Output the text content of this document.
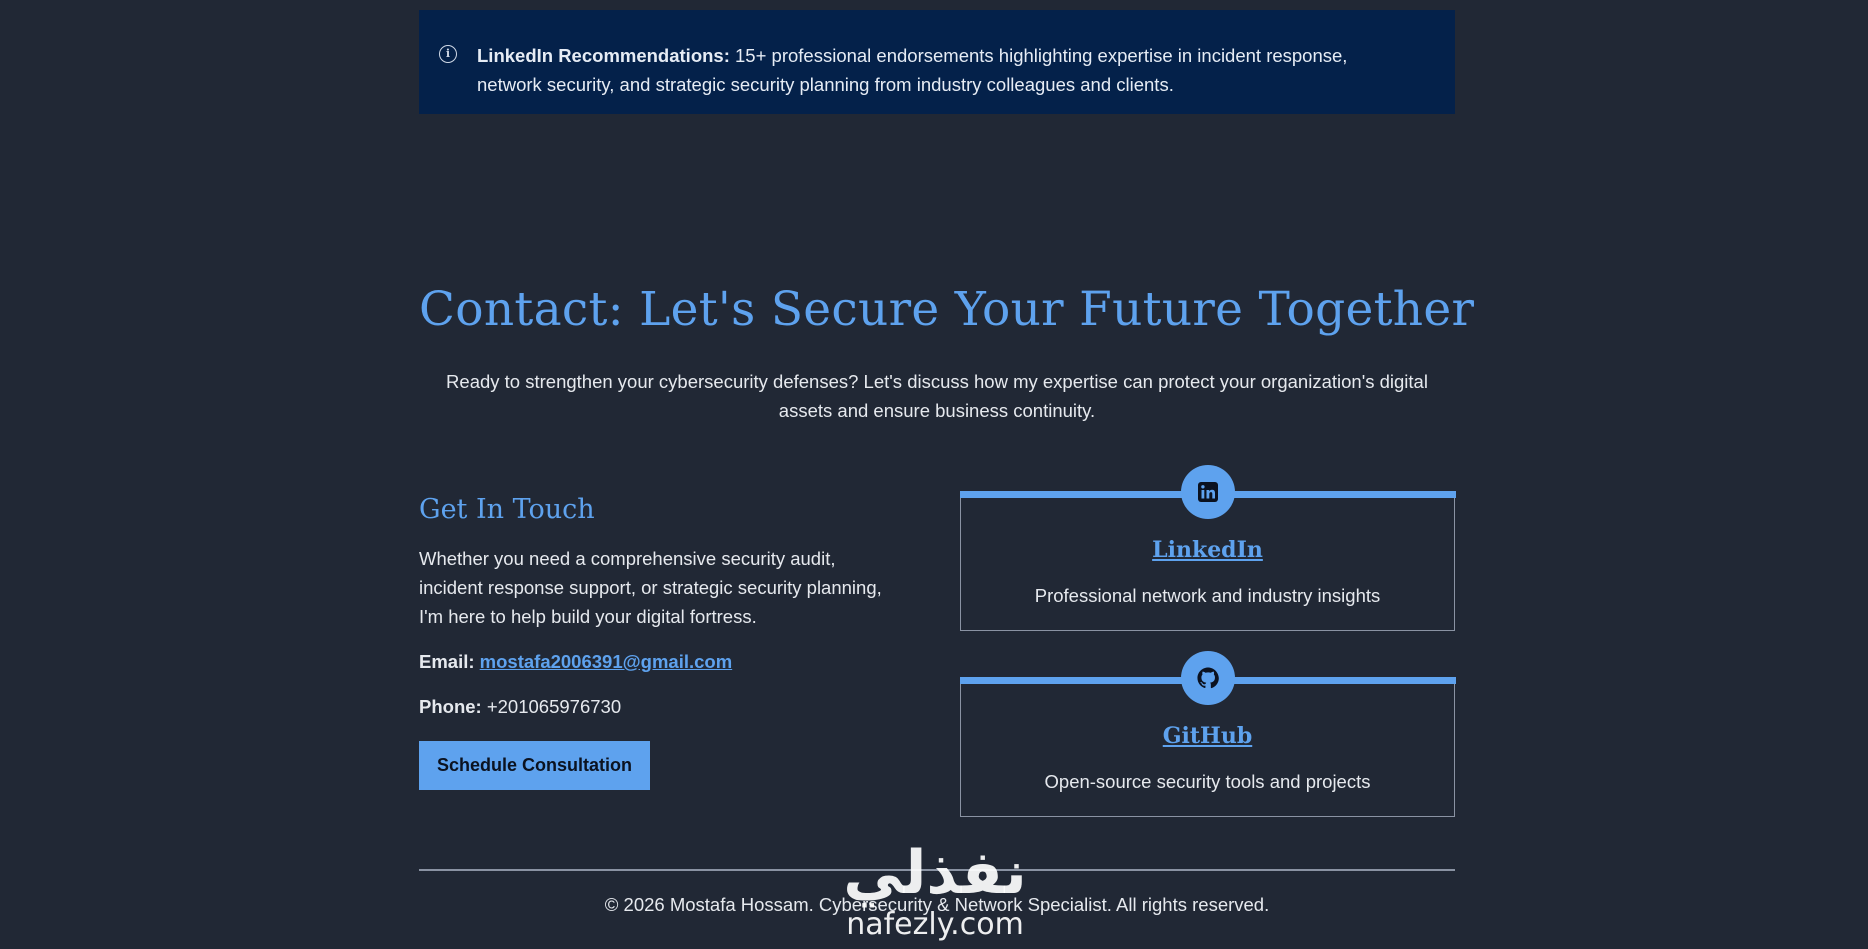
i	LinkedIn Recommendations: 15+ professional endorsements highlighting expertise in incident response, network security, and strategic security planning from industry colleagues and clients.
Contact: Let's Secure Your Future Together

Ready to strengthen your cybersecurity defenses? Let's discuss how my expertise can protect your organization's digital assets and ensure business continuity.

Get In Touch

Whether you need a comprehensive security audit, incident response support, or strategic security planning, I'm here to help build your digital fortress.

Email: mostafa2006391@gmail.com
Phone: +201065976730
Schedule Consultation
LinkedIn
Professional network and industry insights
GitHub
Open-source security tools and projects
© 2026 Mostafa Hossam. Cybersecurity & Network Specialist. All rights reserved.
نفذلي
nafezly.com
